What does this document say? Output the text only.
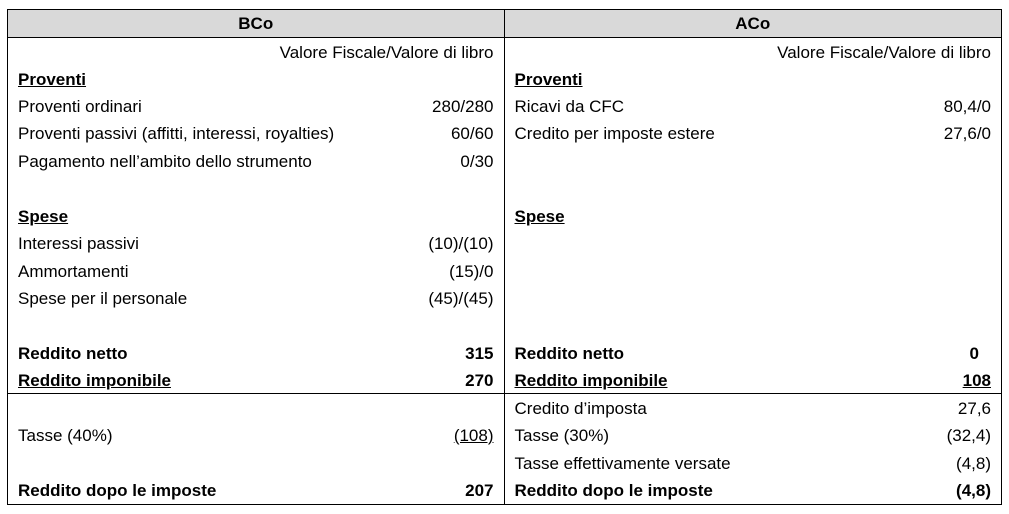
BCo
Valore Fiscale/Valore di libro
Proventi
Proventi ordinari	280/280
Proventi passivi (affitti, interessi, royalties)	60/60
Pagamento nell’ambito dello strumento	0/30
Spese
Interessi passivi	(10)/(10)
Ammortamenti	(15)/0
Spese per il personale	(45)/(45)
Reddito netto	315
Reddito imponibile	270
Tasse (40%)	(108)
Reddito dopo le imposte	207
ACo
Valore Fiscale/Valore di libro
Proventi
Ricavi da CFC	80,4/0
Credito per imposte estere	27,6/0
Spese
Reddito netto	0
Reddito imponibile	108
Credito d’imposta	27,6
Tasse (30%)	(32,4)
Tasse effettivamente versate	(4,8)
Reddito dopo le imposte	(4,8)
